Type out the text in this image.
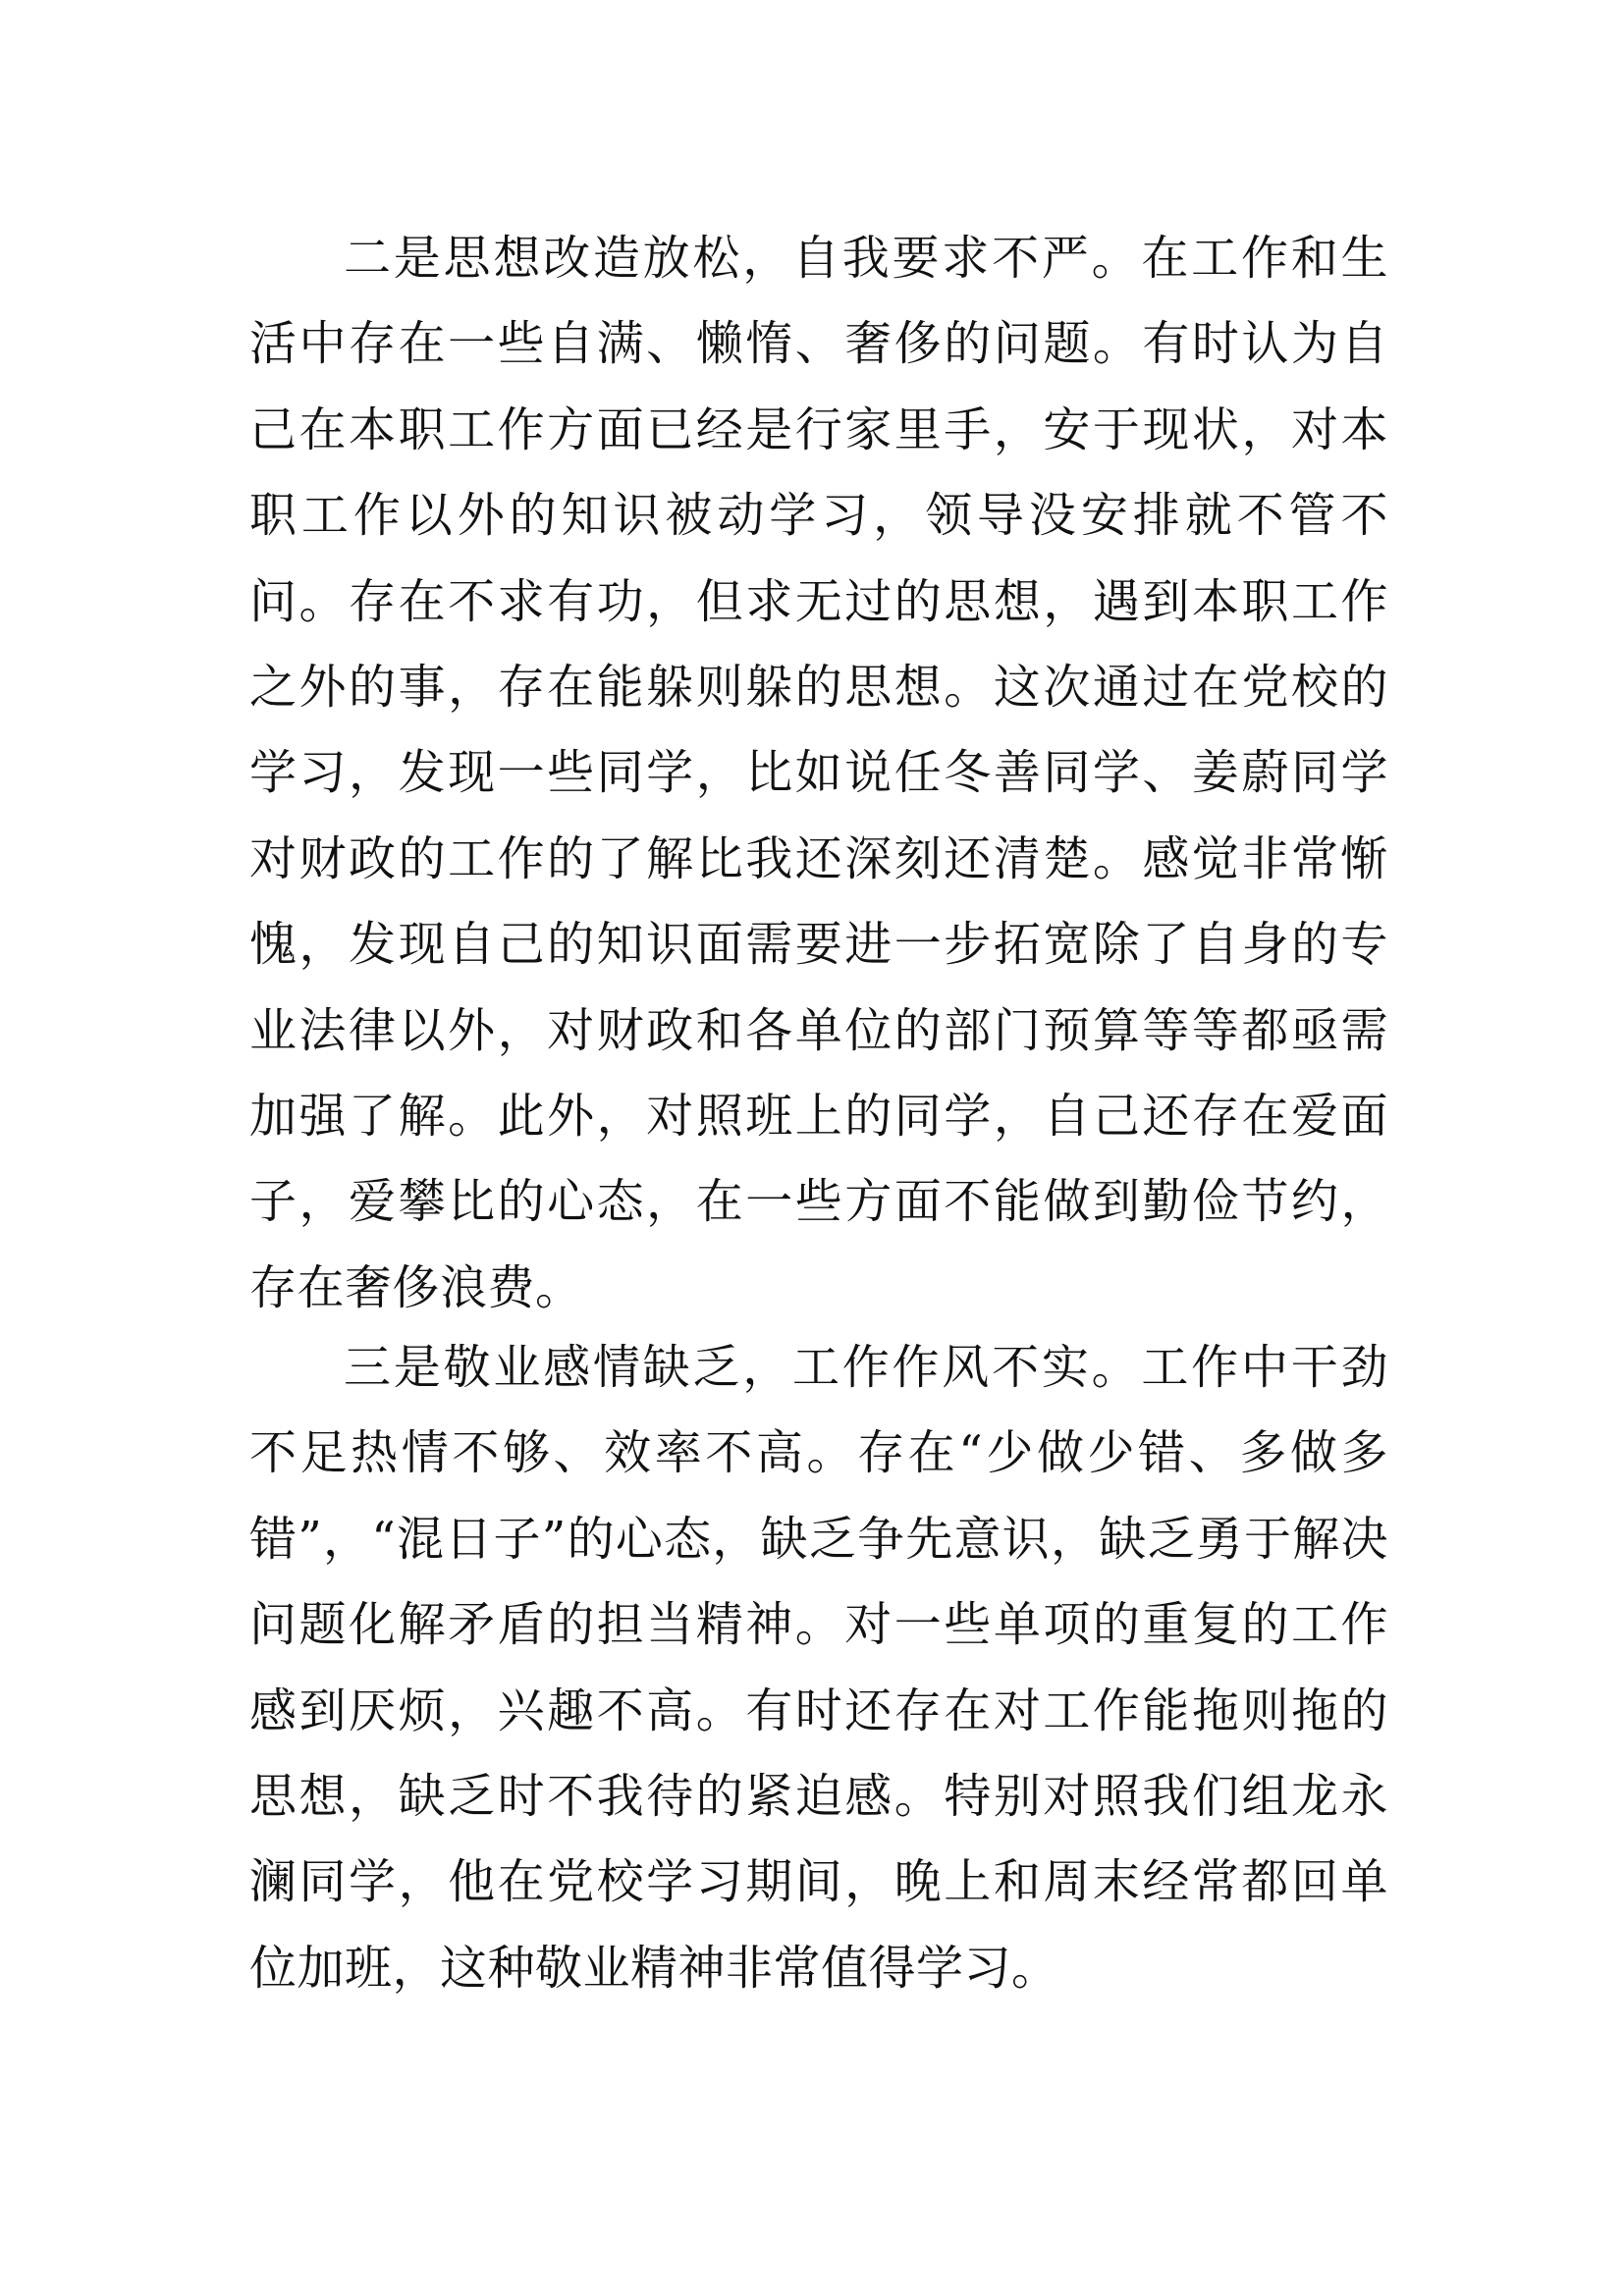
二是思想改造放松，自我要求不严。在工作和生活中存在一些自满、懒惰、奢侈的问题。有时认为自己在本职工作方面已经是行家里手，安于现状，对本职工作以外的知识被动学习，领导没安排就不管不问。存在不求有功，但求无过的思想，遇到本职工作之外的事，存在能躲则躲的思想。这次通过在党校的学习，发现一些同学，比如说任冬善同学、姜蔚同学对财政的工作的了解比我还深刻还清楚。感觉非常惭愧，发现自己的知识面需要进一步拓宽除了自身的专业法律以外，对财政和各单位的部门预算等等都亟需加强了解。此外，对照班上的同学，自己还存在爱面子，爱攀比的心态，在一些方面不能做到勤俭节约，存在奢侈浪费。

三是敬业感情缺乏，工作作风不实。工作中干劲不足热情不够、效率不高。存在“少做少错、多做多错”，“混日子”的心态，缺乏争先意识，缺乏勇于解决问题化解矛盾的担当精神。对一些单项的重复的工作感到厌烦，兴趣不高。有时还存在对工作能拖则拖的思想，缺乏时不我待的紧迫感。特别对照我们组龙永澜同学，他在党校学习期间，晚上和周末经常都回单位加班，这种敬业精神非常值得学习。
